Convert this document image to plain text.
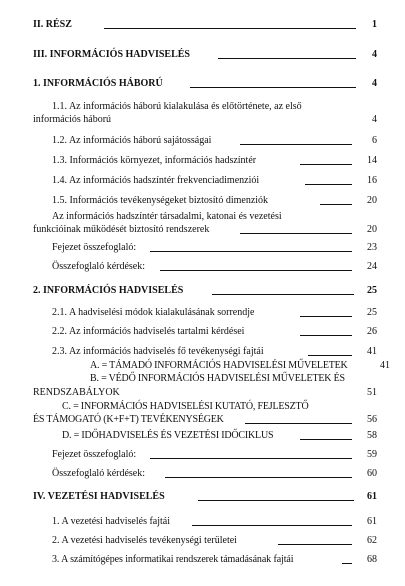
II. RÉSZ	1
III. INFORMÁCIÓS HADVISELÉS	4
1. INFORMÁCIÓS HÁBORÚ	4
1.1. Az információs háború kialakulása és előtörténete, az első
információs háború	4
1.2. Az információs háború sajátosságai	6
1.3. Információs környezet, információs hadszíntér	14
1.4. Az információs hadszíntér frekvenciadimenziói	16
1.5. Információs tevékenységeket biztosító dimenziók	20
Az információs hadszíntér társadalmi, katonai és vezetési
funkcióinak működését biztosító rendszerek	20
Fejezet összefoglaló:	23
Összefoglaló kérdések:	24
2. INFORMÁCIÓS HADVISELÉS	25
2.1. A hadviselési módok kialakulásának sorrendje	25
2.2. Az információs hadviselés tartalmi kérdései	26
2.3. Az információs hadviselés fő tevékenységi fajtái	41
A. = TÁMADÓ INFORMÁCIÓS HADVISELÉSI MŰVELETEK	41
B. = VÉDŐ INFORMÁCIÓS HADVISELÉSI MŰVELETEK ÉS
RENDSZABÁLYOK	51
C. = INFORMÁCIÓS HADVISELÉSI KUTATÓ, FEJLESZTŐ
ÉS TÁMOGATÓ (K+F+T) TEVÉKENYSÉGEK	56
D. = IDŐHADVISELÉS ÉS VEZETÉSI IDŐCIKLUS	58
Fejezet összefoglaló:	59
Összefoglaló kérdések:	60
IV. VEZETÉSI HADVISELÉS	61
1. A vezetési hadviselés fajtái	61
2. A vezetési hadviselés tevékenységi területei	62
3. A számítógépes informatikai rendszerek támadásának fajtái	68
